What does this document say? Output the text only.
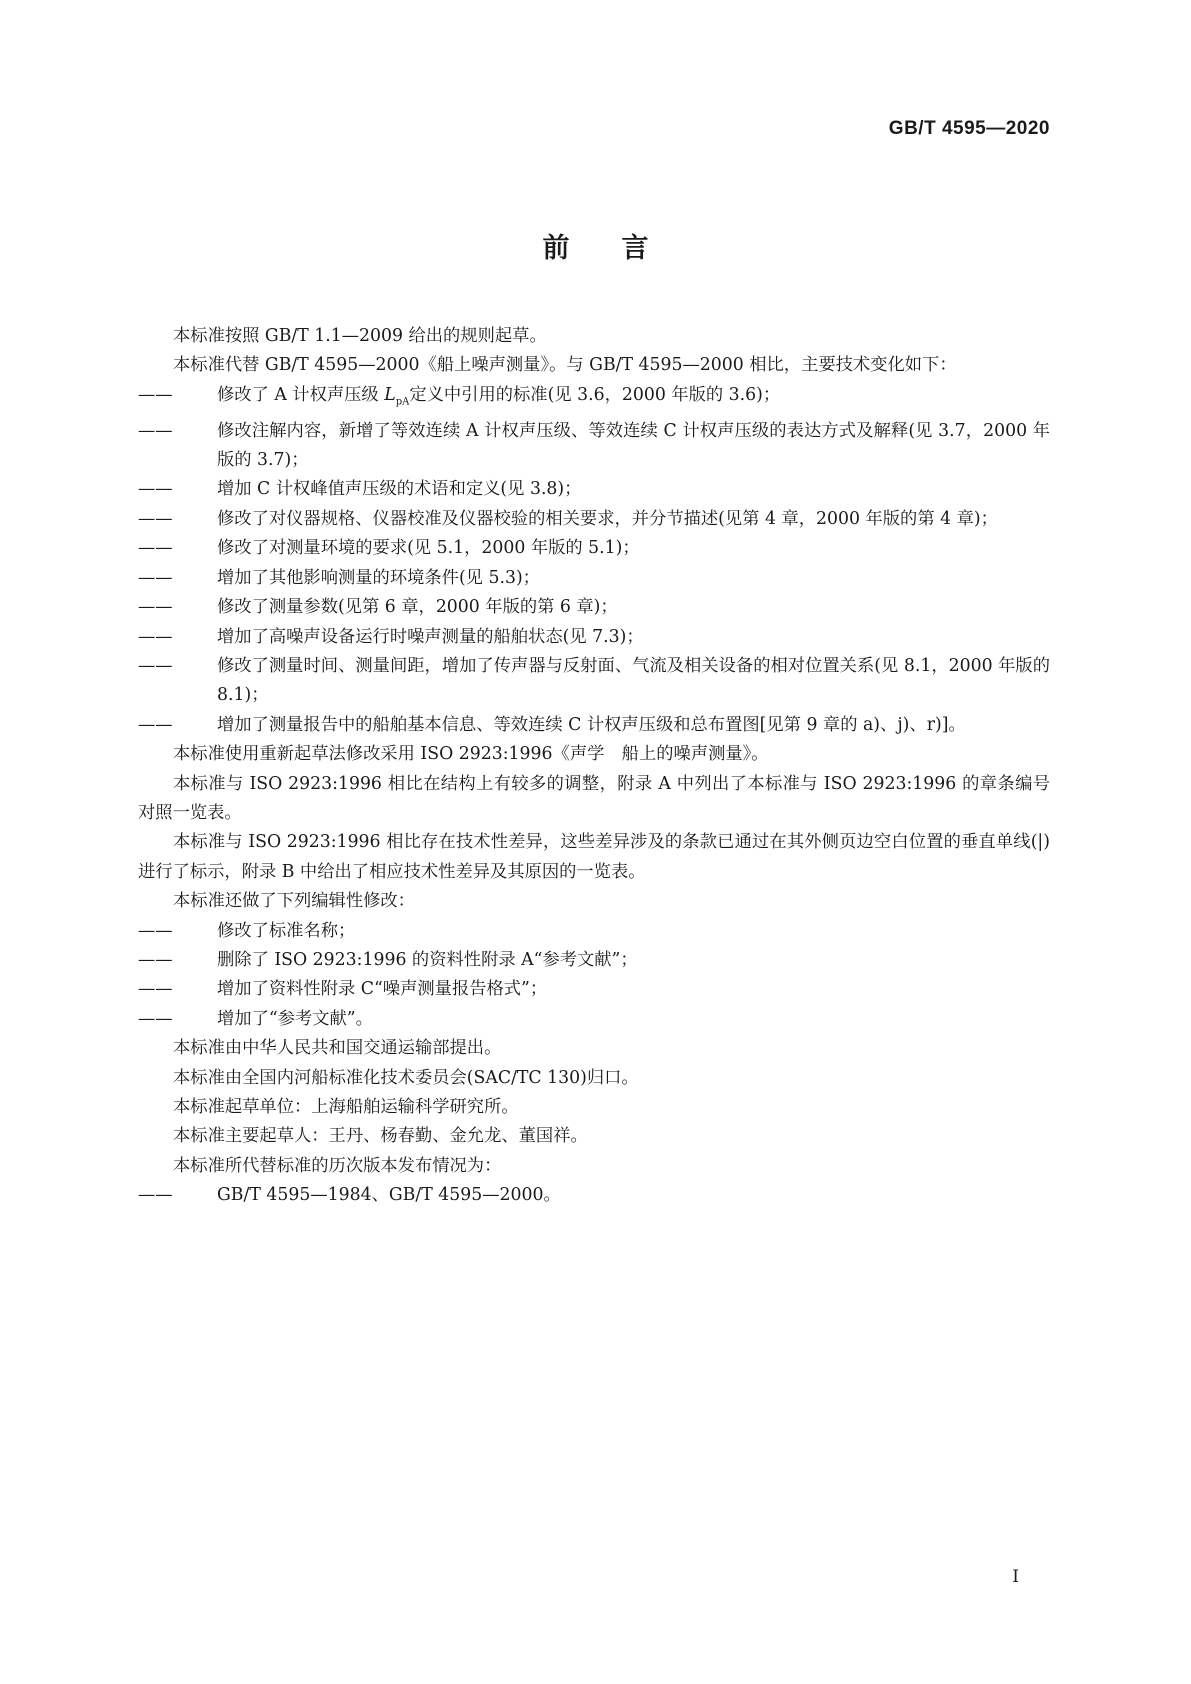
GB/T 4595—2020
前 言

本标准按照 GB/T 1.1—2009 给出的规则起草。

本标准代替 GB/T 4595—2000《船上噪声测量》。与 GB/T 4595—2000 相比，主要技术变化如下：

——	修改了 A 计权声压级 $L_{pA}$定义中引用的标准(见 3.6，2000 年版的 3.6)；
——	修改注解内容，新增了等效连续 A 计权声压级、等效连续 C 计权声压级的表达方式及解释(见 3.7，2000 年版的 3.7)；
——	增加 C 计权峰值声压级的术语和定义(见 3.8)；
——	修改了对仪器规格、仪器校准及仪器校验的相关要求，并分节描述(见第 4 章，2000 年版的第 4 章)；
——	修改了对测量环境的要求(见 5.1，2000 年版的 5.1)；
——	增加了其他影响测量的环境条件(见 5.3)；
——	修改了测量参数(见第 6 章，2000 年版的第 6 章)；
——	增加了高噪声设备运行时噪声测量的船舶状态(见 7.3)；
——	修改了测量时间、测量间距，增加了传声器与反射面、气流及相关设备的相对位置关系(见 8.1，2000 年版的 8.1)；
——	增加了测量报告中的船舶基本信息、等效连续 C 计权声压级和总布置图[见第 9 章的 a)、j)、r)]。

本标准使用重新起草法修改采用 ISO 2923:1996《声学　船上的噪声测量》。

本标准与 ISO 2923:1996 相比在结构上有较多的调整，附录 A 中列出了本标准与 ISO 2923:1996 的章条编号对照一览表。

本标准与 ISO 2923:1996 相比存在技术性差异，这些差异涉及的条款已通过在其外侧页边空白位置的垂直单线(|)进行了标示，附录 B 中给出了相应技术性差异及其原因的一览表。

本标准还做了下列编辑性修改：

——	修改了标准名称；
——	删除了 ISO 2923:1996 的资料性附录 A“参考文献”；
——	增加了资料性附录 C“噪声测量报告格式”；
——	增加了“参考文献”。

本标准由中华人民共和国交通运输部提出。

本标准由全国内河船标准化技术委员会(SAC/TC 130)归口。

本标准起草单位：上海船舶运输科学研究所。

本标准主要起草人：王丹、杨春勤、金允龙、董国祥。

本标准所代替标准的历次版本发布情况为：

——	GB/T 4595—1984、GB/T 4595—2000。
I
